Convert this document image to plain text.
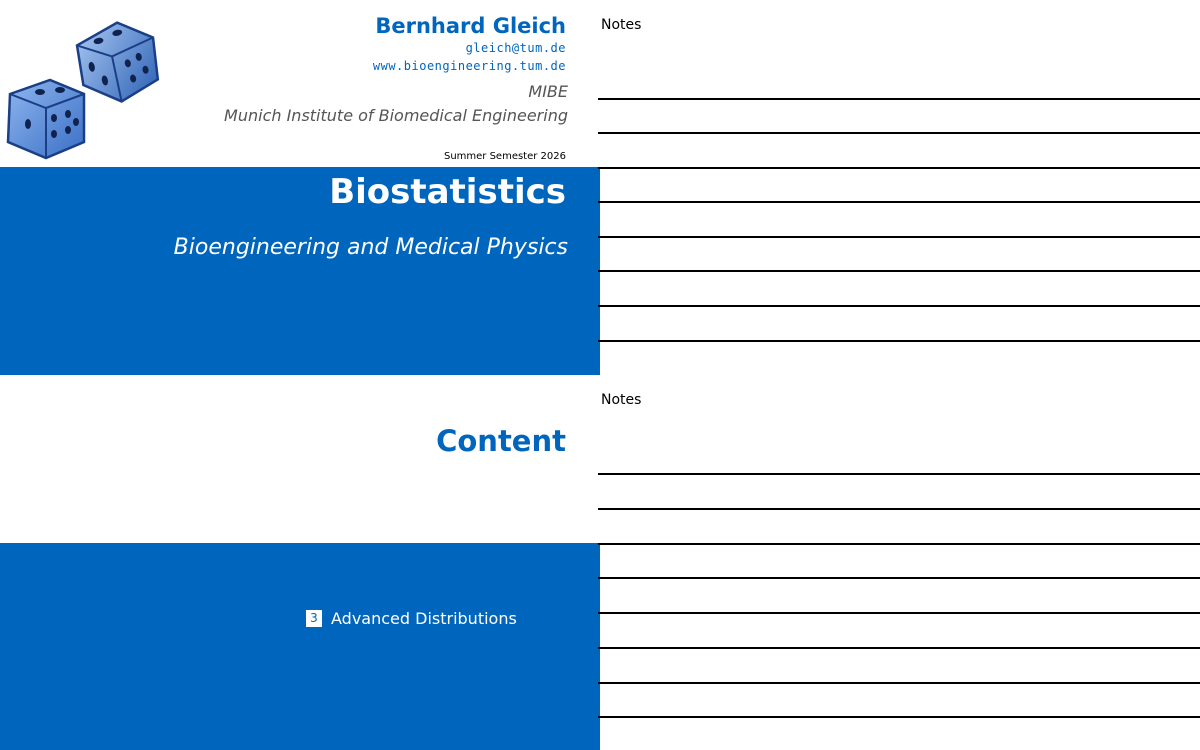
Bernhard Gleich
gleich@tum.de
www.bioengineering.tum.de
MIBE
Munich Institute of Biomedical Engineering
Summer Semester 2026
Biostatistics
Bioengineering and Medical Physics
Notes
Content
3 Advanced Distributions
Notes
